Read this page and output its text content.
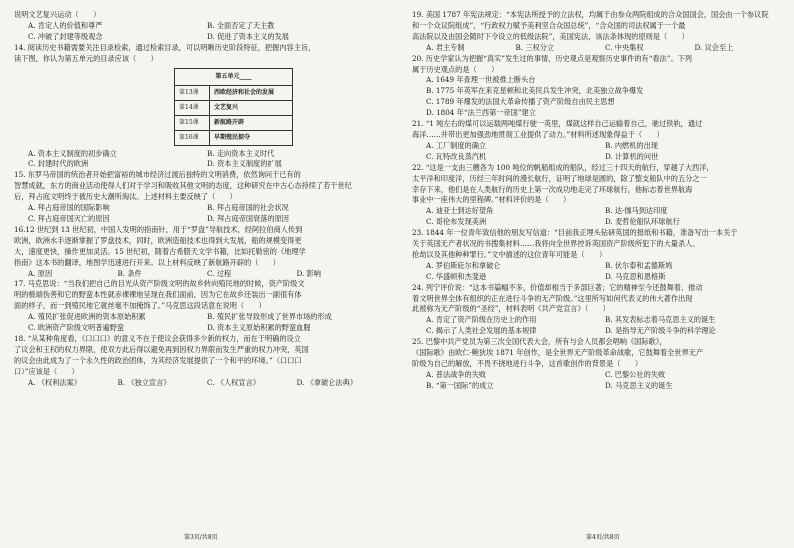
说明文艺复兴运动（　　）
A. 肯定人的价值和尊严	B. 全面否定了天主教
C. 冲破了封建等级观念	D. 促进了资本主义的发展
14. 阅读历史书籍需要关注目录检索，通过检索目录，可以明晰历史阶段特征，把握内容主旨，
读下图，你认为第五单元的目录应该（　　）
第五单元____	
第13课	西欧经济和社会的发展
第14课	文艺复兴
第15课	新航路开辟
第16课	早期殖民掠夺
A. 资本主义制度的初步确立	B. 走向资本主义时代
C. 封建时代的欧洲	D. 资本主义制度的扩展
15. 东罗马帝国的统治者开始把富裕的城市经济过渡后独特的文明消费，依然询问于已有的
智慧成就，东方的商业活动使得人们对于学习和吸收其他文明的态度，这种研究在中古心态持续了若干世纪
后，拜占庭文明终于被历史大潮所淘汰。上述材料主要反映了（　　）
A. 拜占庭帝国的国际影响	B. 拜占庭帝国的社会状况
C. 拜占庭帝国灭亡的原因	D. 拜占庭帝国衰落的原因
16.12 世纪到 13 世纪初，中国人发明的指南针，用于“罗盘”导航技术，经阿拉伯商人传到
欧洲，欧洲水手逐渐掌握了罗盘技术，同时，欧洲造船技术也得到大发展，船的规模变得更
大，速度更快，操作更加灵活。15 世纪初，随着古希腊天文学书籍，比如托勒密的《地理学
指南》这本书的翻译，地图学迅速进行开来。以上材料反映了新航路开辟的（　　）
A. 原因	B. 条件	C. 过程	D. 影响
17. 马克思说：“当我们把自己的目光从资产阶级文明的故乡转向殖民地的时候，资产阶级文
明的极端伪善和它的野蛮本性就赤裸裸地呈现在我们面前，因为它在故乡还装出一副很有体
面的样子，而一到殖民地它就丝毫不加掩饰了。”马克思这段话意在说明（　　）
A. 殖民扩张促进欧洲的资本原始积累	B. 殖民扩张导致形成了世界市场的形成
C. 欧洲资产阶级文明普遍野蛮	D. 资本主义原始积累的野蛮血腥
18. “从某种角度看，《口口口》的意义不在于使议会获得多少新的权力，而在于明确的设立
了议会和王权的权力界限，使双方此后得以避免再到因权力界限而发生严重的权力冲突，英国
的议会由此成为了一个永久性的政治团体，为其经济发展提供了一个和平的环境。”（口口口
口）”应该是（　　）
A. 《权利法案》	B. 《独立宣言》	C. 《人权宣言》	D. 《拿破仑法典》
19. 美国 1787 年宪法规定：“本宪法所授予的立法权，均属于由参众两院组成的合众国国会，国会由一个参议院
和一个众议院组成”，“行政权力赋予美利坚合众国总统”，“合众国的司法权属于一个最
高法院以及由国会随时下令设立的低级法院”，美国宪法，该法条体现的原则是（　　）
A. 君主专制	B. 三权分立	C. 中央集权	D. 议会至上
20. 历史学家认为把握“真实”发生过的事情，历史观点是观察历史事件的有“看法”。下列
属于历史观点的是（　　）
A. 1649 年查理一世被推上断头台
B. 1775 年英军在来克星顿和北美民兵发生冲突，北美独立战争爆发
C. 1789 年爆发的法国大革命传播了资产阶级自由民主思想
D. 1804 年“法兰西第一帝国”建立
21. “1 吨左右的煤可以运载两吨煤行驶一英里，煤就这样自己运输着自己，驰过铁轨，通过
海洋……并带出更加强劲地贯彻工业提供了动力。”材料所述现象得益于（　　）
A. 工厂制度的确立	B. 内燃机的出现
C. 瓦特改良蒸汽机	D. 计算机的问世
22. “这是一支由三艘各为 100 吨位的帆船组成的船队，经过三十四天的航行，穿越了大西洋，
太平洋和印度洋，历经三年时间的漫长航行，证明了地球是圆的，除了整支船队中的五分之一
幸存下来，他们是在人类航行的历史上第一次成功地走完了环球航行，他标志着世界航海
事业中一座伟大的里程碑。”材料评价的是（　　）
A. 迪亚士到达好望角	B. 达·伽马到达印度
C. 哥伦布发现美洲	D. 麦哲伦船队环球航行
23. 1844 年一位青年致信他的朋友写信道：“目前我正埋头钻研英国的报纸和书籍，准备写出一本关于
关于英国无产者状况的书搜集材料……我将向全世界控诉英国资产阶级所犯下的大量杀人、
抢劫以及其他种种罪行。”文中描述的这位青年可能是（　　）
A. 罗伯斯庇尔和拿破仑	B. 伏尔泰和孟德斯鸠
C. 华盛顿和杰斐逊	D. 马克思和恩格斯
24. 列宁评价说：“这本书篇幅不多，价值却相当于多部巨著；它的精神至今还鼓舞着、推动
着文明世界全体有组织的正在进行斗争的无产阶级。”这里所写如何代表义的伟大著作出现
此被称为无产阶级的“圣经”，材料表明《共产党宣言》（　　）
A. 肯定了资产阶级在历史上的作用	B. 其发表标志着马克思主义的诞生
C. 揭示了人类社会发展的基本规律	D. 是指导无产阶级斗争的科学理论
25. 巴黎中共产党员为第三次全国代表大会，所有与会人员都会唱响《国际歌》，
《国际歌》由欧仁·鲍狄埃 1871 年创作，是全世界无产阶级革命战歌，它鼓舞着全世界无产
阶级为自己的解放，不畏不挠地进行斗争，这首歌创作的背景是（　　）
A. 普法战争的失败	C. 巴黎公社的失败
B. “第一国际”的成立	D. 马克思主义的诞生
第3页/共8页	第4页/共8页
